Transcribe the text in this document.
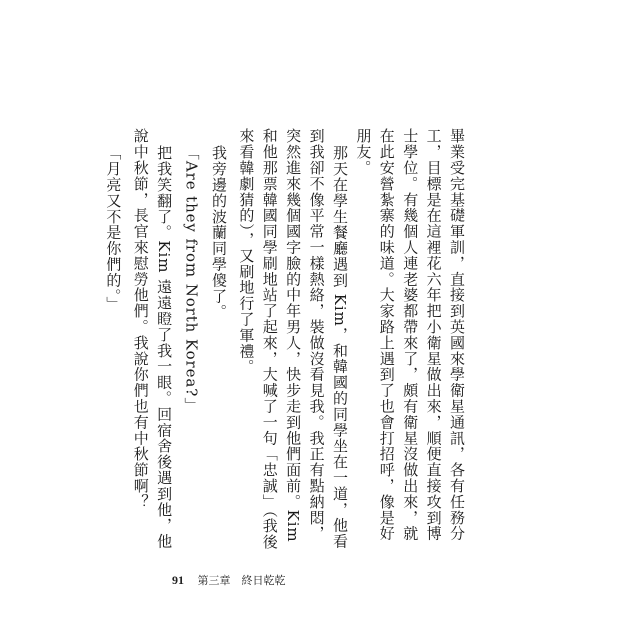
畢業受完基礎軍訓，直接到英國來學衛星通訊，各有任務分工，目標是在這裡花六年把小衛星做出來，順便直接攻到博士學位。有幾個人連老婆都帶來了，頗有衛星沒做出來，就在此安營紮寨的味道。大家路上遇到了也會打招呼，像是好朋友。

那天在學生餐廳遇到 Kim，和韓國的同學坐在一道，他看到我卻不像平常一樣熱絡，裝做沒看見我。我正有點納悶，突然進來幾個國字臉的中年男人，快步走到他們面前。Kim 和他那票韓國同學刷地站了起來，大喊了一句「忠誠」（我後來看韓劇猜的），又刷地行了軍禮。

我旁邊的波蘭同學傻了。

「Are they from North Korea?」

把我笑翻了。Kim 遠遠瞪了我一眼。回宿舍後遇到他，他說中秋節，長官來慰勞他們。我說你們也有中秋節啊？

「月亮又不是你們的。」

91 第三章　終日乾乾
